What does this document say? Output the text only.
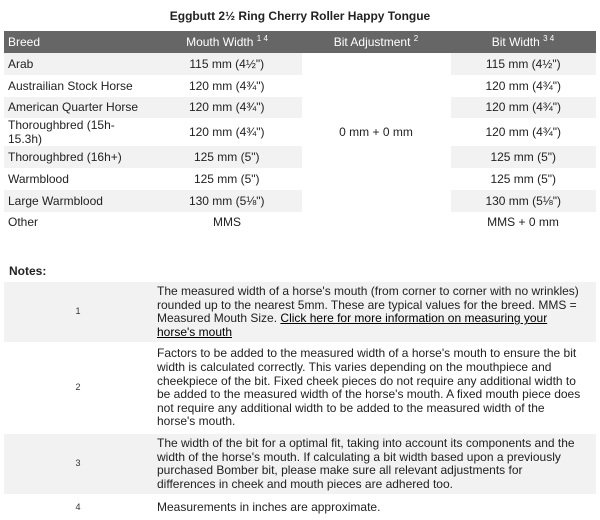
Eggbutt 2½ Ring Cherry Roller Happy Tongue
Breed	Mouth Width $^{1 4}$	Bit Adjustment $^2$	Bit Width $^{3 4}$
Arab	115 mm (4½")	0 mm + 0 mm	115 mm (4½")
Austrailian Stock Horse	120 mm (4¾")		120 mm (4¾")
American Quarter Horse	120 mm (4¾")		120 mm (4¾")
Thoroughbred (15h-15.3h)	120 mm (4¾")		120 mm (4¾")
Thoroughbred (16h+)	125 mm (5")		125 mm (5")
Warmblood	125 mm (5")		125 mm (5")
Large Warmblood	130 mm (5⅛")		130 mm (5⅛")
Other	MMS		MMS + 0 mm
Notes:
1	The measured width of a horse's mouth (from corner to corner with no wrinkles) rounded up to the nearest 5mm. These are typical values for the breed. MMS = Measured Mouth Size. Click here for more information on measuring your horse's mouth
2	Factors to be added to the measured width of a horse's mouth to ensure the bit width is calculated correctly. This varies depending on the mouthpiece and cheekpiece of the bit. Fixed cheek pieces do not require any additional width to be added to the measured width of the horse's mouth. A fixed mouth piece does not require any additional width to be added to the measured width of the horse's mouth.
3	The width of the bit for a optimal fit, taking into account its components and the width of the horse's mouth. If calculating a bit width based upon a previously purchased Bomber bit, please make sure all relevant adjustments for differences in cheek and mouth pieces are adhered too.
4	Measurements in inches are approximate.
